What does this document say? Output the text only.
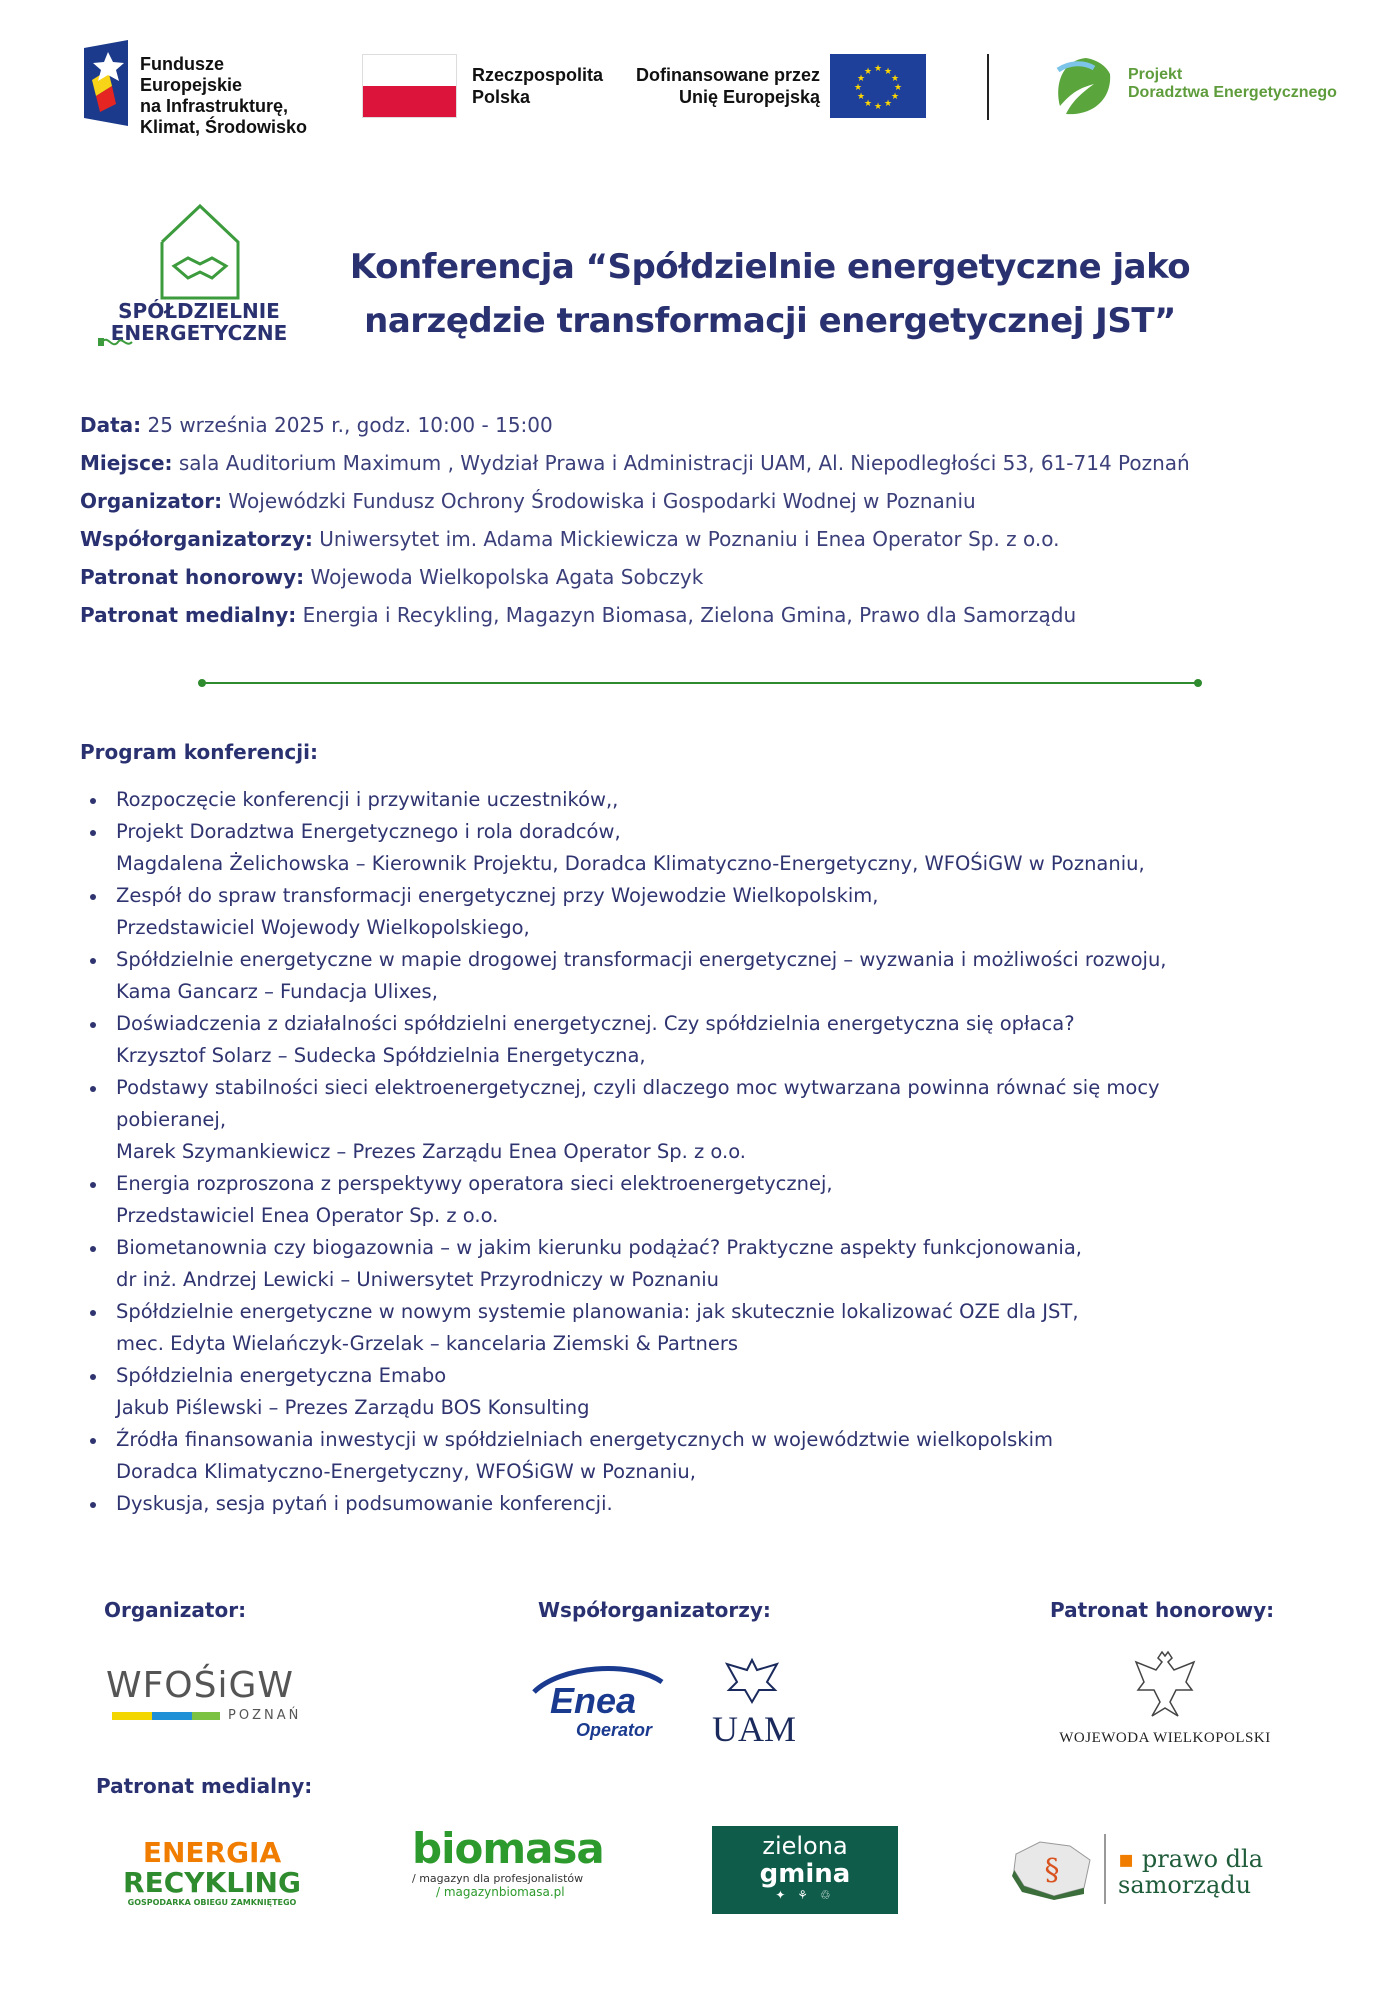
Fundusze Europejskie
na Infrastrukturę,
Klimat, Środowisko
Rzeczpospolita
Polska
Dofinansowane przez
Unię Europejską
★ ★
★
★
★
★
★
★
★
★
★
★	Projekt
Doradztwa Energetycznego
SPÓŁDZIELNIE
ENERGETYCZNE
Konferencja “Spółdzielnie energetyczne jako
narzędzie transformacji energetycznej JST”
Data: 25 września 2025 r., godz. 10:00 - 15:00
Miejsce: sala Auditorium Maximum , Wydział Prawa i Administracji UAM, Al. Niepodległości 53, 61-714 Poznań
Organizator: Wojewódzki Fundusz Ochrony Środowiska i Gospodarki Wodnej w Poznaniu
Współorganizatorzy: Uniwersytet im. Adama Mickiewicza w Poznaniu i Enea Operator Sp. z o.o.
Patronat honorowy: Wojewoda Wielkopolska Agata Sobczyk
Patronat medialny: Energia i Recykling, Magazyn Biomasa, Zielona Gmina, Prawo dla Samorządu
Program konferencji:
Rozpoczęcie konferencji i przywitanie uczestników,,
Projekt Doradztwa Energetycznego i rola doradców,
Magdalena Żelichowska – Kierownik Projektu, Doradca Klimatyczno-Energetyczny, WFOŚiGW w Poznaniu,
Zespół do spraw transformacji energetycznej przy Wojewodzie Wielkopolskim,
Przedstawiciel Wojewody Wielkopolskiego,
Spółdzielnie energetyczne w mapie drogowej transformacji energetycznej – wyzwania i możliwości rozwoju,
Kama Gancarz – Fundacja Ulixes,
Doświadczenia z działalności spółdzielni energetycznej. Czy spółdzielnia energetyczna się opłaca?
Krzysztof Solarz – Sudecka Spółdzielnia Energetyczna,
Podstawy stabilności sieci elektroenergetycznej, czyli dlaczego moc wytwarzana powinna równać się mocy
pobieranej,
Marek Szymankiewicz – Prezes Zarządu Enea Operator Sp. z o.o.
Energia rozproszona z perspektywy operatora sieci elektroenergetycznej,
Przedstawiciel Enea Operator Sp. z o.o.
Biometanownia czy biogazownia – w jakim kierunku podążać? Praktyczne aspekty funkcjonowania,
dr inż. Andrzej Lewicki – Uniwersytet Przyrodniczy w Poznaniu
Spółdzielnie energetyczne w nowym systemie planowania: jak skutecznie lokalizować OZE dla JST,
mec. Edyta Wielańczyk-Grzelak – kancelaria Ziemski & Partners
Spółdzielnia energetyczna Emabo
Jakub Piślewski – Prezes Zarządu BOS Konsulting
Źródła finansowania inwestycji w spółdzielniach energetycznych w województwie wielkopolskim
Doradca Klimatyczno-Energetyczny, WFOŚiGW w Poznaniu,
Dyskusja, sesja pytań i podsumowanie konferencji.
Organizator:	Współorganizatorzy:	Patronat honorowy:
WFOŚiGW
POZNAŃ	Enea
Operator UAM	WOJEWODA WIELKOPOLSKI
Patronat medialny:
ENERGIA
RECYKLING
GOSPODARKA OBIEGU ZAMKNIĘTEGO
biomasa
/ magazyn dla profesjonalistów
/ magazynbiomasa.pl
zielona
gmina
✦ ⚘ ♲
§ ▪ prawo dla
samorządu
